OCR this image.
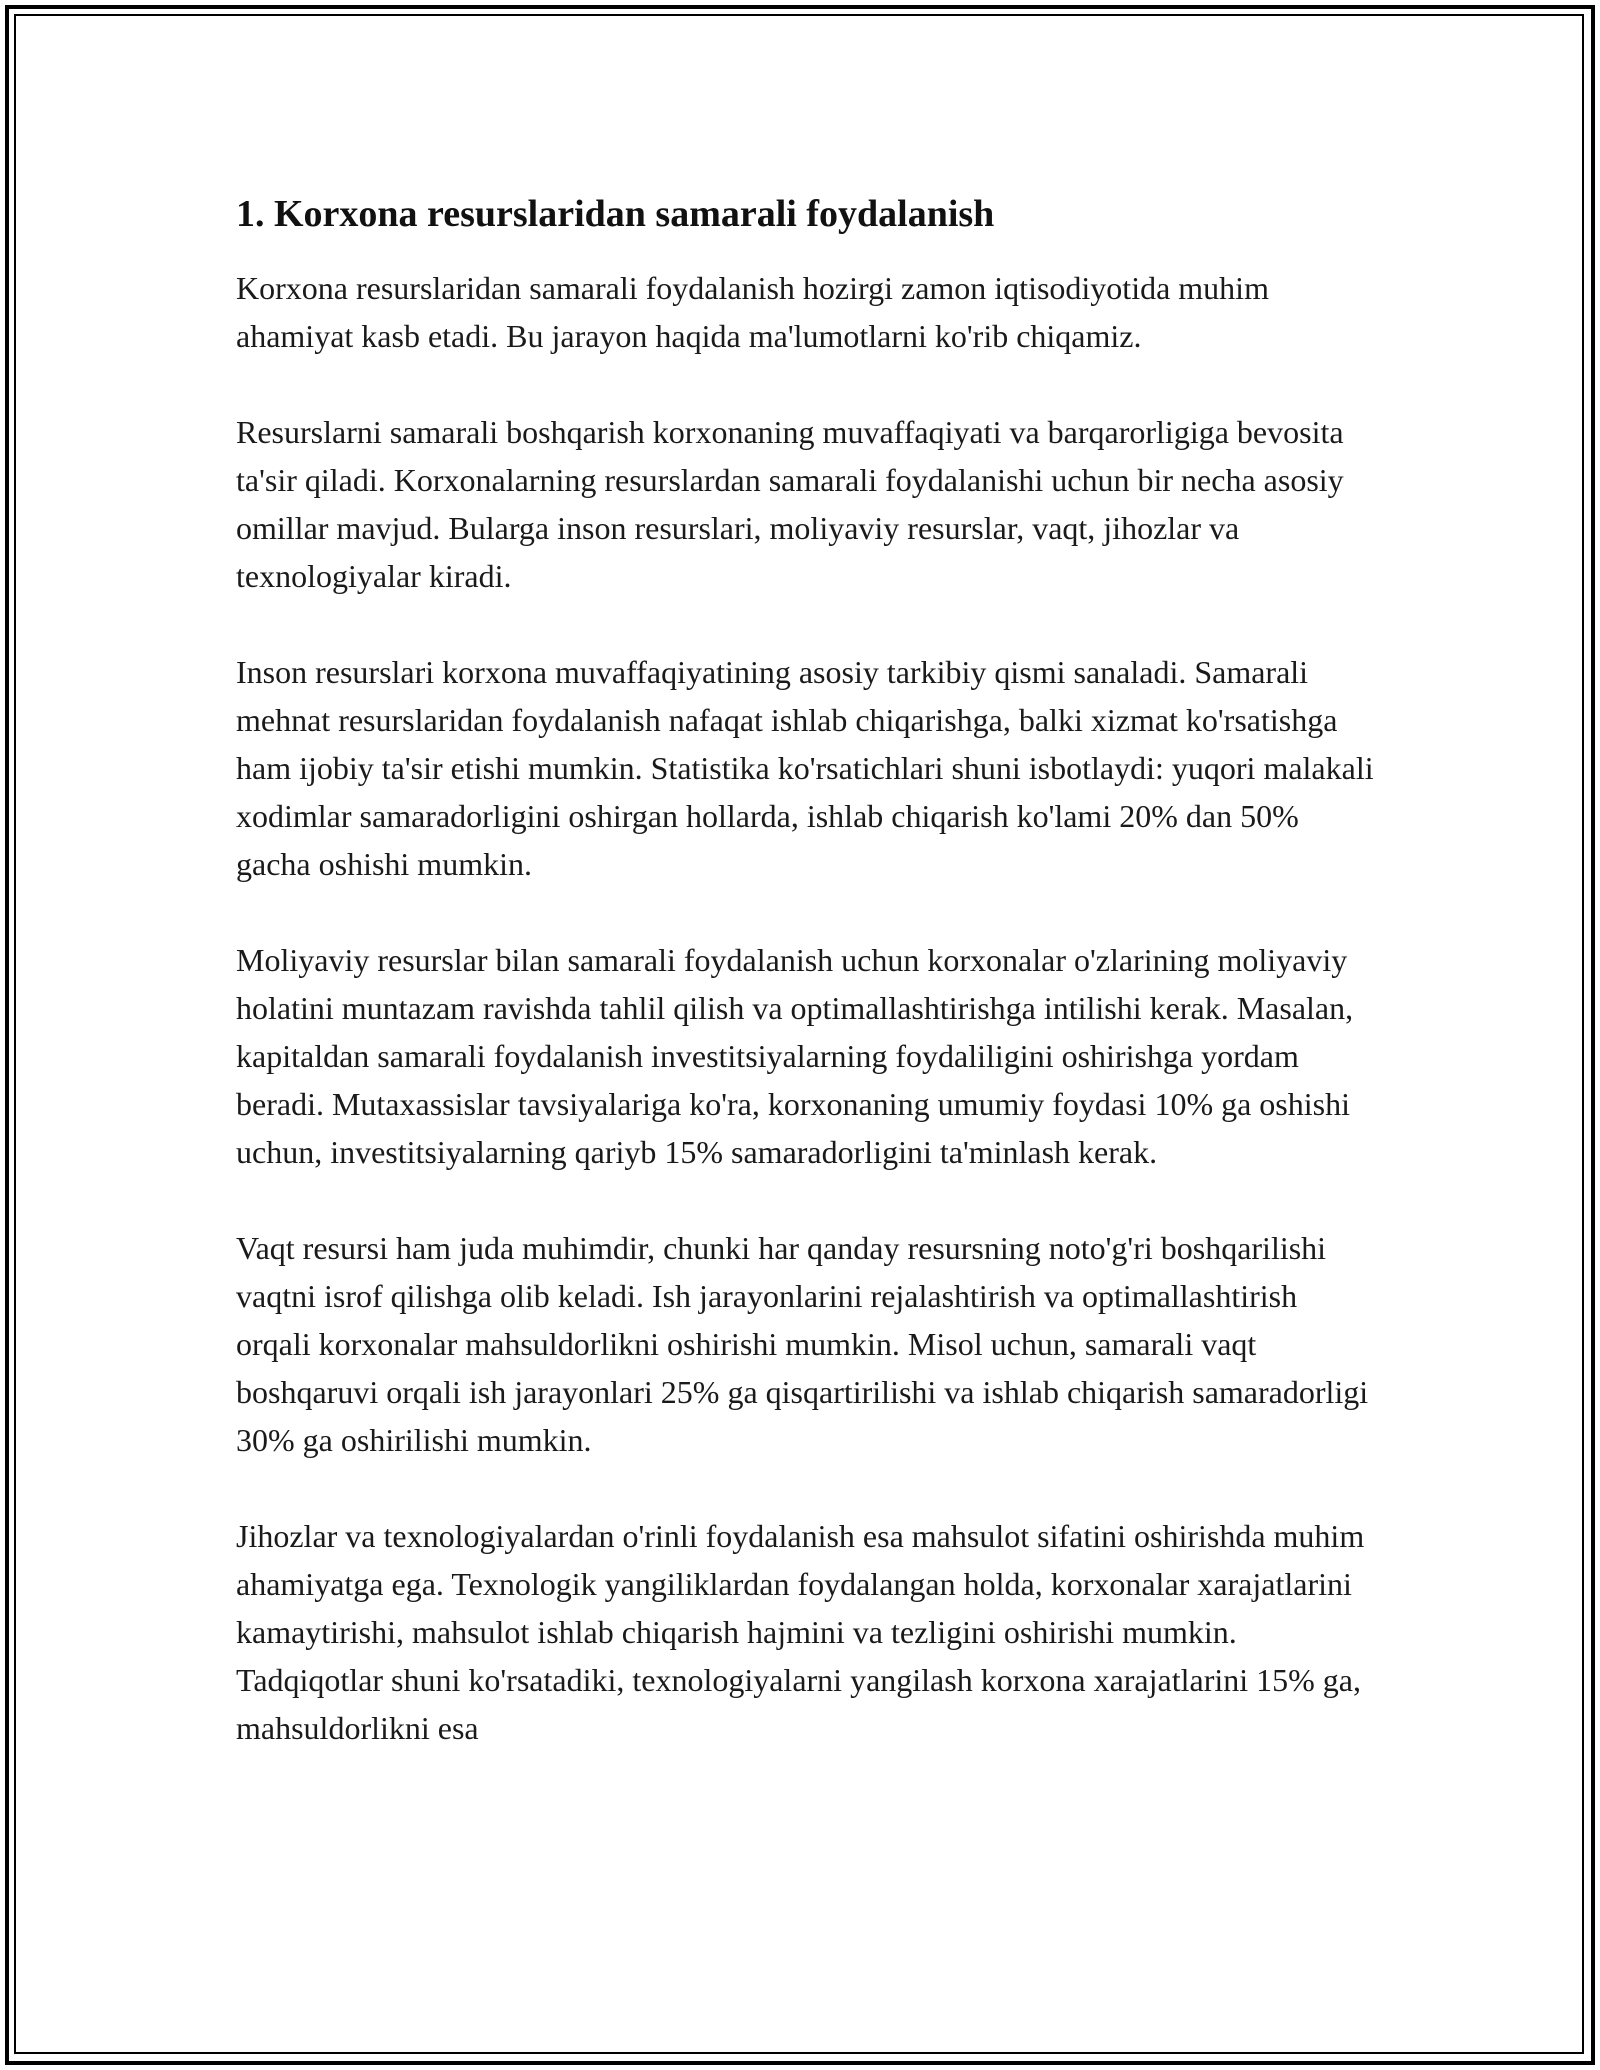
1. Korxona resurslaridan samarali foydalanish

Korxona resurslaridan samarali foydalanish hozirgi zamon iqtisodiyotida muhim ahamiyat kasb etadi. Bu jarayon haqida ma'lumotlarni ko'rib chiqamiz.

Resurslarni samarali boshqarish korxonaning muvaffaqiyati va barqarorligiga bevosita ta'sir qiladi. Korxonalarning resurslardan samarali foydalanishi uchun bir necha asosiy omillar mavjud. Bularga inson resurslari, moliyaviy resurslar, vaqt, jihozlar va texnologiyalar kiradi.

Inson resurslari korxona muvaffaqiyatining asosiy tarkibiy qismi sanaladi. Samarali mehnat resurslaridan foydalanish nafaqat ishlab chiqarishga, balki xizmat ko'rsatishga ham ijobiy ta'sir etishi mumkin. Statistika ko'rsatichlari shuni isbotlaydi: yuqori malakali xodimlar samaradorligini oshirgan hollarda, ishlab chiqarish ko'lami 20% dan 50% gacha oshishi mumkin.

Moliyaviy resurslar bilan samarali foydalanish uchun korxonalar o'zlarining moliyaviy holatini muntazam ravishda tahlil qilish va optimallashtirishga intilishi kerak. Masalan, kapitaldan samarali foydalanish investitsiyalarning foydaliligini oshirishga yordam beradi. Mutaxassislar tavsiyalariga ko'ra, korxonaning umumiy foydasi 10% ga oshishi uchun, investitsiyalarning qariyb 15% samaradorligini ta'minlash kerak.

Vaqt resursi ham juda muhimdir, chunki har qanday resursning noto'g'ri boshqarilishi vaqtni isrof qilishga olib keladi. Ish jarayonlarini rejalashtirish va optimallashtirish orqali korxonalar mahsuldorlikni oshirishi mumkin. Misol uchun, samarali vaqt boshqaruvi orqali ish jarayonlari 25% ga qisqartirilishi va ishlab chiqarish samaradorligi 30% ga oshirilishi mumkin.

Jihozlar va texnologiyalardan o'rinli foydalanish esa mahsulot sifatini oshirishda muhim ahamiyatga ega. Texnologik yangiliklardan foydalangan holda, korxonalar xarajatlarini kamaytirishi, mahsulot ishlab chiqarish hajmini va tezligini oshirishi mumkin. Tadqiqotlar shuni ko'rsatadiki, texnologiyalarni yangilash korxona xarajatlarini 15% ga, mahsuldorlikni esa
